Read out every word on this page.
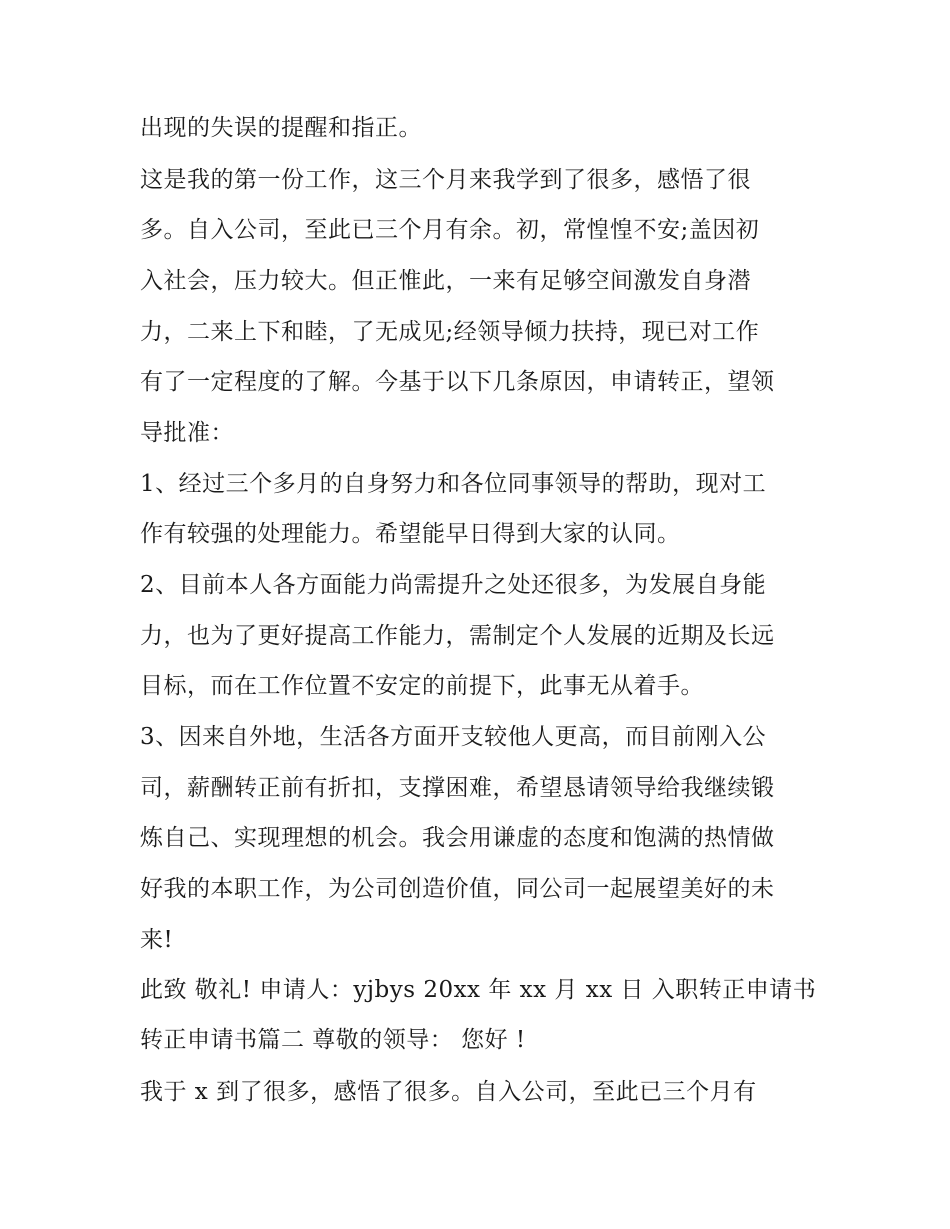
出现的失误的提醒和指正。
这是我的第一份工作，这三个月来我学到了很多，感悟了很
多。自入公司，至此已三个月有余。初，常惶惶不安;盖因初
入社会，压力较大。但正惟此，一来有足够空间激发自身潜
力，二来上下和睦，了无成见;经领导倾力扶持，现已对工作
有了一定程度的了解。今基于以下几条原因，申请转正，望领
导批准：
1、经过三个多月的自身努力和各位同事领导的帮助，现对工
作有较强的处理能力。希望能早日得到大家的认同。
2、目前本人各方面能力尚需提升之处还很多，为发展自身能
力，也为了更好提高工作能力，需制定个人发展的近期及长远
目标，而在工作位置不安定的前提下，此事无从着手。
3、因来自外地，生活各方面开支较他人更高，而目前刚入公
司，薪酬转正前有折扣，支撑困难，希望恳请领导给我继续锻
炼自己、实现理想的机会。我会用谦虚的态度和饱满的热情做
好我的本职工作，为公司创造价值，同公司一起展望美好的未
来!
此致 敬礼! 申请人：yjbys 20xx 年 xx 月 xx 日 入职转正申请书
转正申请书篇二 尊敬的领导： 您好 !
我于 x 到了很多，感悟了很多。自入公司，至此已三个月有
